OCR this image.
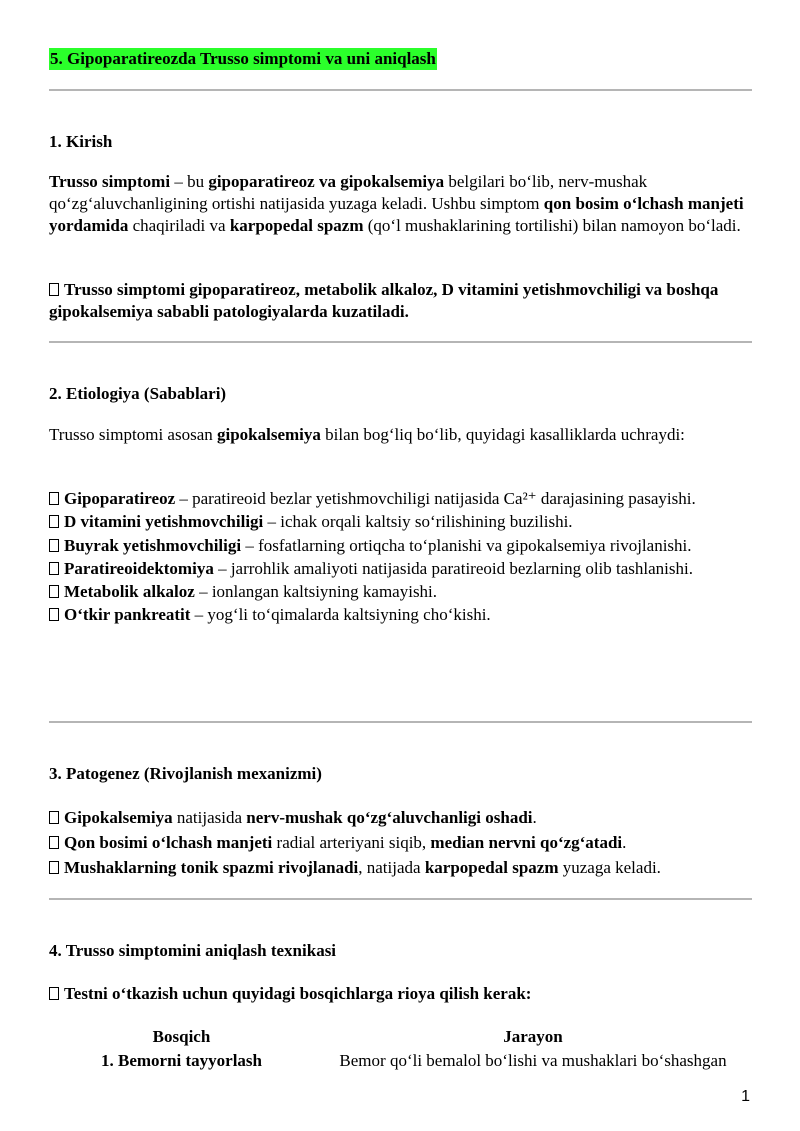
5. Gipoparatireozda Trusso simptomi va uni aniqlash
1. Kirish

Trusso simptomi – bu gipoparatireoz va gipokalsemiya belgilari bo‘lib, nerv-mushak qo‘zg‘aluvchanligining ortishi natijasida yuzaga keladi. Ushbu simptom qon bosim o‘lchash manjeti yordamida chaqiriladi va karpopedal spazm (qo‘l mushaklarining tortilishi) bilan namoyon bo‘ladi.

Trusso simptomi gipoparatireoz, metabolik alkaloz, D vitamini yetishmovchiligi va boshqa gipokalsemiya sababli patologiyalarda kuzatiladi.

2. Etiologiya (Sabablari)

Trusso simptomi asosan gipokalsemiya bilan bog‘liq bo‘lib, quyidagi kasalliklarda uchraydi:

Gipoparatireoz – paratireoid bezlar yetishmovchiligi natijasida Ca²⁺ darajasining pasayishi.
D vitamini yetishmovchiligi – ichak orqali kaltsiy so‘rilishining buzilishi.
Buyrak yetishmovchiligi – fosfatlarning ortiqcha to‘planishi va gipokalsemiya rivojlanishi.
Paratireoidektomiya – jarrohlik amaliyoti natijasida paratireoid bezlarning olib tashlanishi.
Metabolik alkaloz – ionlangan kaltsiyning kamayishi.
O‘tkir pankreatit – yog‘li to‘qimalarda kaltsiyning cho‘kishi.
3. Patogenez (Rivojlanish mexanizmi)
Gipokalsemiya natijasida nerv-mushak qo‘zg‘aluvchanligi oshadi.
Qon bosimi o‘lchash manjeti radial arteriyani siqib, median nervni qo‘zg‘atadi.
Mushaklarning tonik spazmi rivojlanadi, natijada karpopedal spazm yuzaga keladi.
4. Trusso simptomini aniqlash texnikasi

Testni o‘tkazish uchun quyidagi bosqichlarga rioya qilish kerak:

Bosqich	Jarayon
1. Bemorni tayyorlash	Bemor qo‘li bemalol bo‘lishi va mushaklari bo‘shashgan
1
